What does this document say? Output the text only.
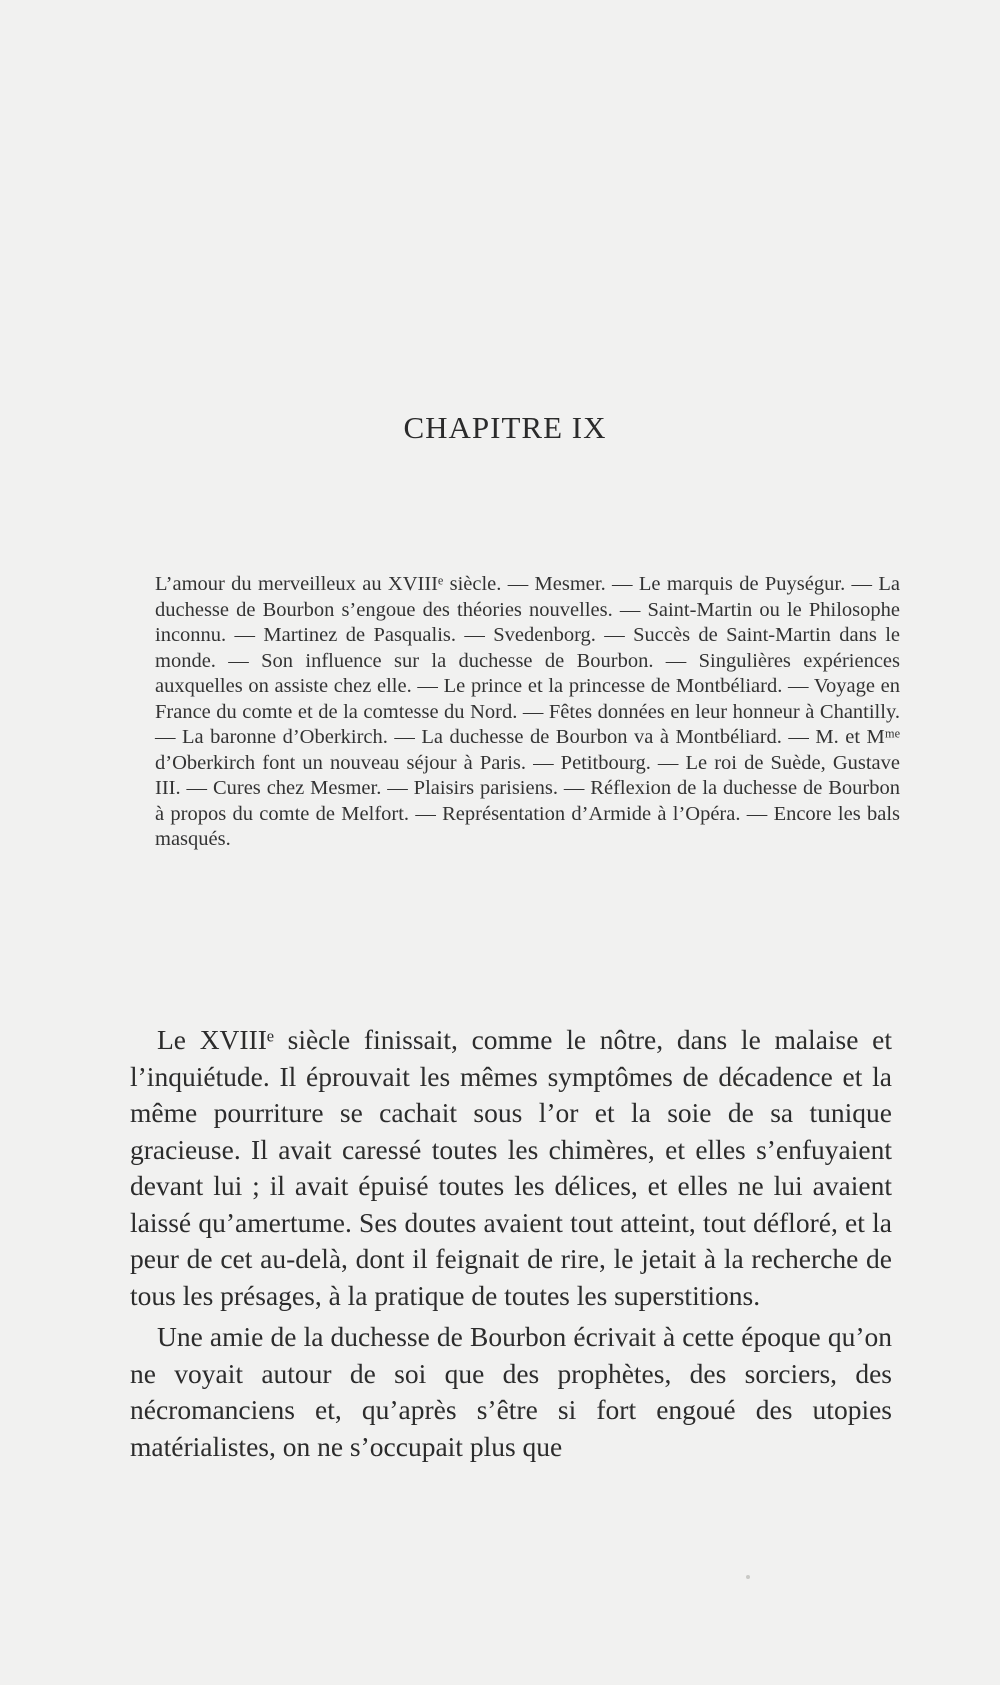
CHAPITRE IX

L’amour du merveilleux au XVIIIᵉ siècle. — Mesmer. — Le marquis de Puységur. — La duchesse de Bourbon s’engoue des théories nouvelles. — Saint-Martin ou le Philosophe inconnu. — Martinez de Pasqualis. — Svedenborg. — Succès de Saint-Martin dans le monde. — Son influence sur la duchesse de Bourbon. — Singulières expériences auxquelles on assiste chez elle. — Le prince et la princesse de Montbéliard. — Voyage en France du comte et de la comtesse du Nord. — Fêtes données en leur honneur à Chantilly. — La baronne d’Oberkirch. — La duchesse de Bourbon va à Montbéliard. — M. et Mᵐᵉ d’Oberkirch font un nouveau séjour à Paris. — Petitbourg. — Le roi de Suède, Gustave III. — Cures chez Mesmer. — Plaisirs parisiens. — Réflexion de la duchesse de Bourbon à propos du comte de Melfort. — Représentation d’Armide à l’Opéra. — Encore les bals masqués.

Le XVIIIᵉ siècle finissait, comme le nôtre, dans le malaise et l’inquiétude. Il éprouvait les mêmes symptômes de décadence et la même pourriture se cachait sous l’or et la soie de sa tunique gracieuse. Il avait caressé toutes les chimères, et elles s’enfuyaient devant lui ; il avait épuisé toutes les délices, et elles ne lui avaient laissé qu’amertume. Ses doutes avaient tout atteint, tout défloré, et la peur de cet au-delà, dont il feignait de rire, le jetait à la recherche de tous les présages, à la pratique de toutes les superstitions.

Une amie de la duchesse de Bourbon écrivait à cette époque qu’on ne voyait autour de soi que des prophètes, des sorciers, des nécromanciens et, qu’après s’être si fort engoué des utopies matérialistes, on ne s’occupait plus que
